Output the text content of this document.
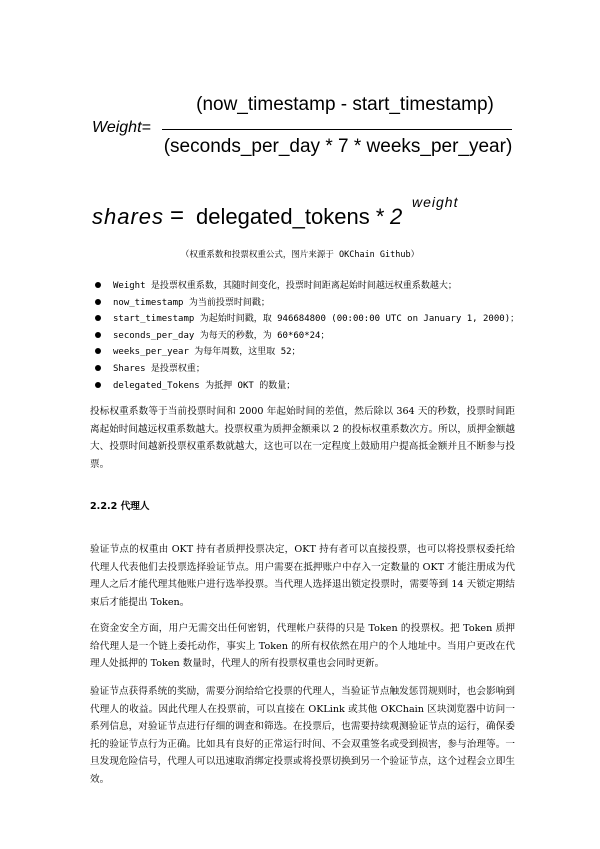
Weight=
(now_timestamp - start_timestamp)
(seconds_per_day * 7 * weeks_per_year)
shares = delegated_tokens * 2
weight
（权重系数和投票权重公式，图片来源于 OKChain Github）
Weight 是投票权重系数，其随时间变化，投票时间距离起始时间越远权重系数越大；
now_timestamp 为当前投票时间戳；
start_timestamp 为起始时间戳，取 946684800 (00:00:00 UTC on January 1, 2000)；
seconds_per_day 为每天的秒数，为 60*60*24；
weeks_per_year 为每年周数，这里取 52；
Shares 是投票权重；
delegated_Tokens 为抵押 OKT 的数量；

投标权重系数等于当前投票时间和 2000 年起始时间的差值，然后除以 364 天的秒数，投票时间距离起始时间越远权重系数越大。投票权重为质押金额乘以 2 的投标权重系数次方。所以，质押金额越大、投票时间越新投票权重系数就越大，这也可以在一定程度上鼓励用户提高抵金额并且不断参与投票。

2.2.2 代理人

验证节点的权重由 OKT 持有者质押投票决定，OKT 持有者可以直接投票，也可以将投票权委托给代理人代表他们去投票选择验证节点。用户需要在抵押账户中存入一定数量的 OKT 才能注册成为代理人之后才能代理其他账户进行选举投票。当代理人选择退出锁定投票时，需要等到 14 天锁定期结束后才能提出 Token。

在资金安全方面，用户无需交出任何密钥，代理帐户获得的只是 Token 的投票权。把 Token 质押给代理人是一个链上委托动作，事实上 Token 的所有权依然在用户的个人地址中。当用户更改在代理人处抵押的 Token 数量时，代理人的所有投票权重也会同时更新。

验证节点获得系统的奖励，需要分润给给它投票的代理人，当验证节点触发惩罚规则时，也会影响到代理人的收益。因此代理人在投票前，可以直接在 OKLink 或其他 OKChain 区块浏览器中访问一系列信息，对验证节点进行仔细的调查和筛选。在投票后，也需要持续观测验证节点的运行，确保委托的验证节点行为正确。比如具有良好的正常运行时间、不会双重签名或受到损害，参与治理等。一旦发现危险信号，代理人可以迅速取消绑定投票或将投票切换到另一个验证节点，这个过程会立即生效。
